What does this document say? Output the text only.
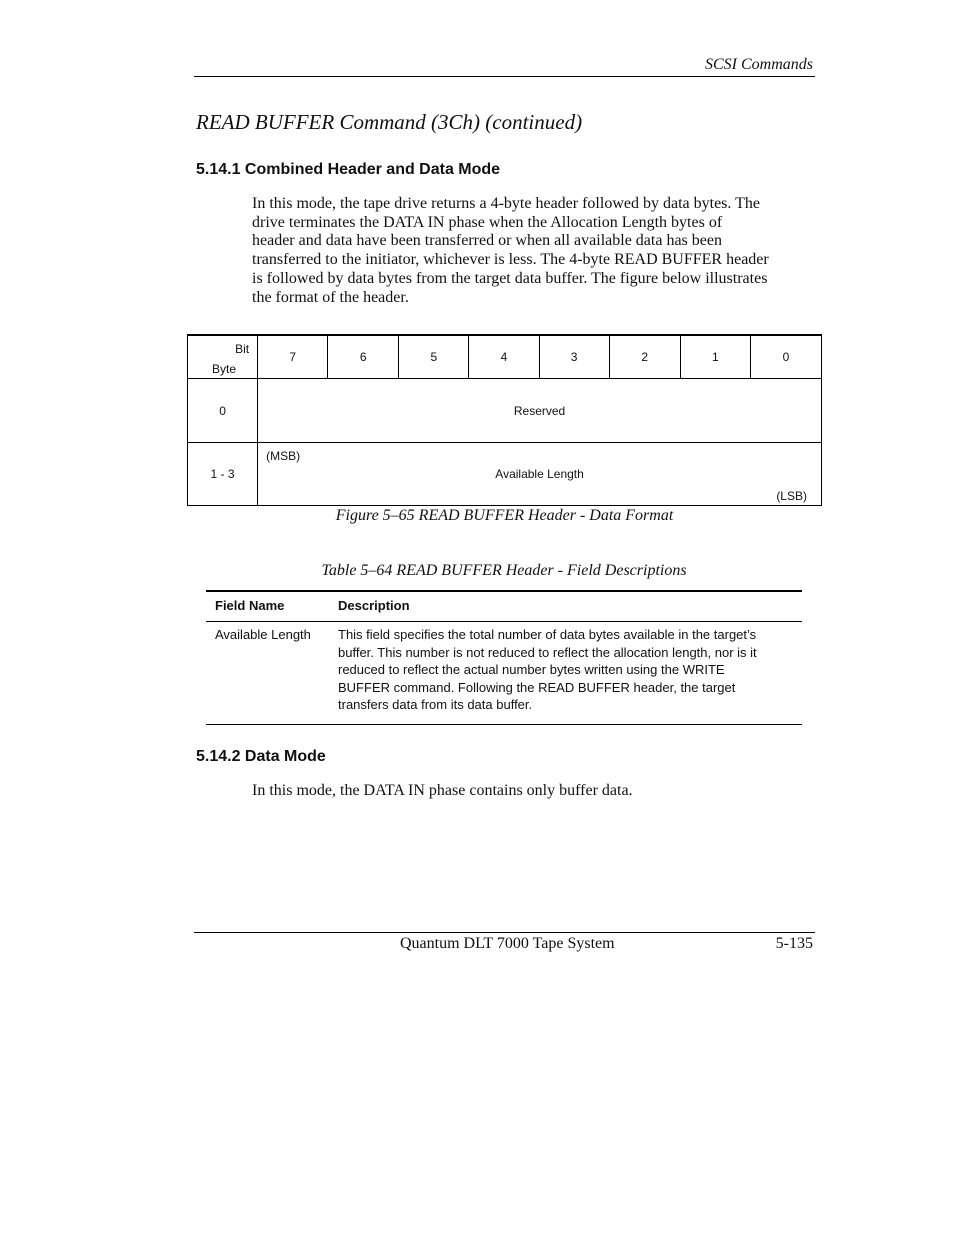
SCSI Commands
READ BUFFER Command (3Ch) (continued)
5.14.1 Combined Header and Data Mode
In this mode, the tape drive returns a 4-byte header followed by data bytes. The
drive terminates the DATA IN phase when the Allocation Length bytes of
header and data have been transferred or when all available data has been
transferred to the initiator, whichever is less. The 4-byte READ BUFFER header
is followed by data bytes from the target data buffer. The figure below illustrates
the format of the header.
Bit
Byte	7	6	5	4	3	2	1	0
0	Reserved							
1 - 3	(MSB)
Available Length
(LSB)							
Figure 5–65 READ BUFFER Header - Data Format
Table 5–64 READ BUFFER Header - Field Descriptions
Field Name	Description
Available Length	This field specifies the total number of data bytes available in the target’s
buffer. This number is not reduced to reflect the allocation length, nor is it
reduced to reflect the actual number bytes written using the WRITE
BUFFER command. Following the READ BUFFER header, the target
transfers data from its data buffer.
5.14.2 Data Mode
In this mode, the DATA IN phase contains only buffer data.
Quantum DLT 7000 Tape System	5-135
